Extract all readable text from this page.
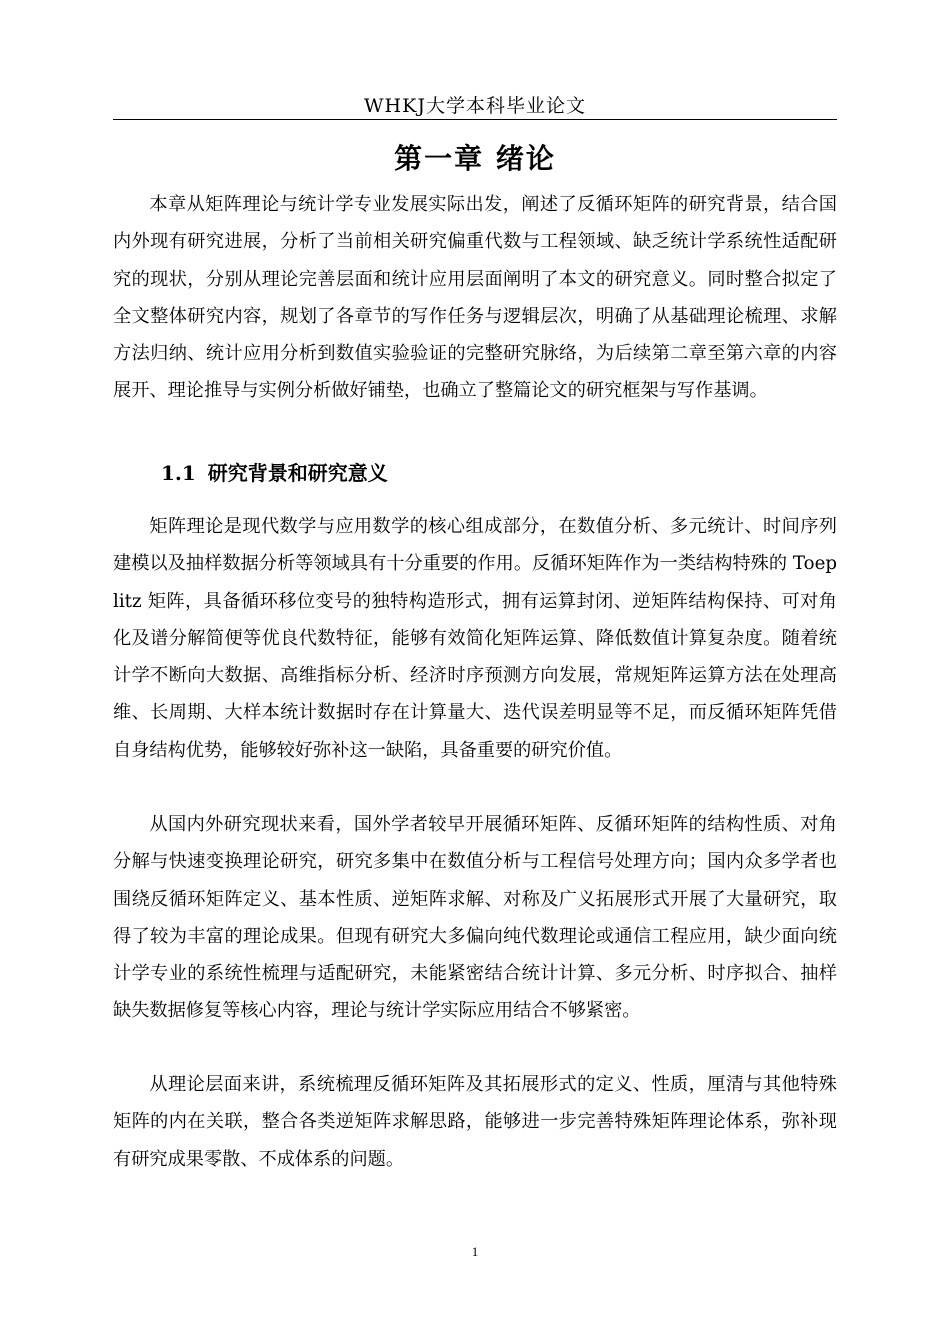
WHKJ大学本科毕业论文
第一章 绪论

本章从矩阵理论与统计学专业发展实际出发，阐述了反循环矩阵的研究背景，结合国内外现有研究进展，分析了当前相关研究偏重代数与工程领域、缺乏统计学系统性适配研究的现状，分别从理论完善层面和统计应用层面阐明了本文的研究意义。同时整合拟定了全文整体研究内容，规划了各章节的写作任务与逻辑层次，明确了从基础理论梳理、求解方法归纳、统计应用分析到数值实验验证的完整研究脉络，为后续第二章至第六章的内容展开、理论推导与实例分析做好铺垫，也确立了整篇论文的研究框架与写作基调。

1.1 研究背景和研究意义

矩阵理论是现代数学与应用数学的核心组成部分，在数值分析、多元统计、时间序列建模以及抽样数据分析等领域具有十分重要的作用。反循环矩阵作为一类结构特殊的 Toeplitz 矩阵，具备循环移位变号的独特构造形式，拥有运算封闭、逆矩阵结构保持、可对角化及谱分解简便等优良代数特征，能够有效简化矩阵运算、降低数值计算复杂度。随着统计学不断向大数据、高维指标分析、经济时序预测方向发展，常规矩阵运算方法在处理高维、长周期、大样本统计数据时存在计算量大、迭代误差明显等不足，而反循环矩阵凭借自身结构优势，能够较好弥补这一缺陷，具备重要的研究价值。

从国内外研究现状来看，国外学者较早开展循环矩阵、反循环矩阵的结构性质、对角分解与快速变换理论研究，研究多集中在数值分析与工程信号处理方向；国内众多学者也围绕反循环矩阵定义、基本性质、逆矩阵求解、对称及广义拓展形式开展了大量研究，取得了较为丰富的理论成果。但现有研究大多偏向纯代数理论或通信工程应用，缺少面向统计学专业的系统性梳理与适配研究，未能紧密结合统计计算、多元分析、时序拟合、抽样缺失数据修复等核心内容，理论与统计学实际应用结合不够紧密。

从理论层面来讲，系统梳理反循环矩阵及其拓展形式的定义、性质，厘清与其他特殊矩阵的内在关联，整合各类逆矩阵求解思路，能够进一步完善特殊矩阵理论体系，弥补现有研究成果零散、不成体系的问题。

1
